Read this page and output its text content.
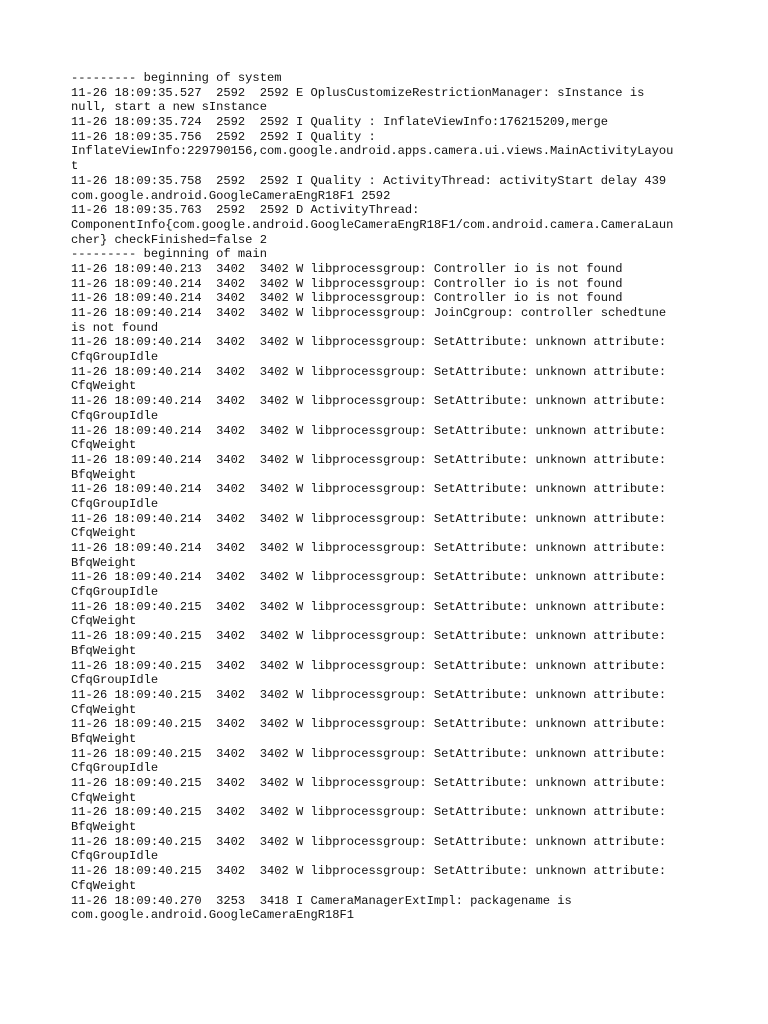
--------- beginning of system
11-26 18:09:35.527  2592  2592 E OplusCustomizeRestrictionManager: sInstance is
null, start a new sInstance
11-26 18:09:35.724  2592  2592 I Quality : InflateViewInfo:176215209,merge
11-26 18:09:35.756  2592  2592 I Quality :
InflateViewInfo:229790156,com.google.android.apps.camera.ui.views.MainActivityLayou
t
11-26 18:09:35.758  2592  2592 I Quality : ActivityThread: activityStart delay 439
com.google.android.GoogleCameraEngR18F1 2592
11-26 18:09:35.763  2592  2592 D ActivityThread:
ComponentInfo{com.google.android.GoogleCameraEngR18F1/com.android.camera.CameraLaun
cher} checkFinished=false 2
--------- beginning of main
11-26 18:09:40.213  3402  3402 W libprocessgroup: Controller io is not found
11-26 18:09:40.214  3402  3402 W libprocessgroup: Controller io is not found
11-26 18:09:40.214  3402  3402 W libprocessgroup: Controller io is not found
11-26 18:09:40.214  3402  3402 W libprocessgroup: JoinCgroup: controller schedtune
is not found
11-26 18:09:40.214  3402  3402 W libprocessgroup: SetAttribute: unknown attribute:
CfqGroupIdle
11-26 18:09:40.214  3402  3402 W libprocessgroup: SetAttribute: unknown attribute:
CfqWeight
11-26 18:09:40.214  3402  3402 W libprocessgroup: SetAttribute: unknown attribute:
CfqGroupIdle
11-26 18:09:40.214  3402  3402 W libprocessgroup: SetAttribute: unknown attribute:
CfqWeight
11-26 18:09:40.214  3402  3402 W libprocessgroup: SetAttribute: unknown attribute:
BfqWeight
11-26 18:09:40.214  3402  3402 W libprocessgroup: SetAttribute: unknown attribute:
CfqGroupIdle
11-26 18:09:40.214  3402  3402 W libprocessgroup: SetAttribute: unknown attribute:
CfqWeight
11-26 18:09:40.214  3402  3402 W libprocessgroup: SetAttribute: unknown attribute:
BfqWeight
11-26 18:09:40.214  3402  3402 W libprocessgroup: SetAttribute: unknown attribute:
CfqGroupIdle
11-26 18:09:40.215  3402  3402 W libprocessgroup: SetAttribute: unknown attribute:
CfqWeight
11-26 18:09:40.215  3402  3402 W libprocessgroup: SetAttribute: unknown attribute:
BfqWeight
11-26 18:09:40.215  3402  3402 W libprocessgroup: SetAttribute: unknown attribute:
CfqGroupIdle
11-26 18:09:40.215  3402  3402 W libprocessgroup: SetAttribute: unknown attribute:
CfqWeight
11-26 18:09:40.215  3402  3402 W libprocessgroup: SetAttribute: unknown attribute:
BfqWeight
11-26 18:09:40.215  3402  3402 W libprocessgroup: SetAttribute: unknown attribute:
CfqGroupIdle
11-26 18:09:40.215  3402  3402 W libprocessgroup: SetAttribute: unknown attribute:
CfqWeight
11-26 18:09:40.215  3402  3402 W libprocessgroup: SetAttribute: unknown attribute:
BfqWeight
11-26 18:09:40.215  3402  3402 W libprocessgroup: SetAttribute: unknown attribute:
CfqGroupIdle
11-26 18:09:40.215  3402  3402 W libprocessgroup: SetAttribute: unknown attribute:
CfqWeight
11-26 18:09:40.270  3253  3418 I CameraManagerExtImpl: packagename is
com.google.android.GoogleCameraEngR18F1
